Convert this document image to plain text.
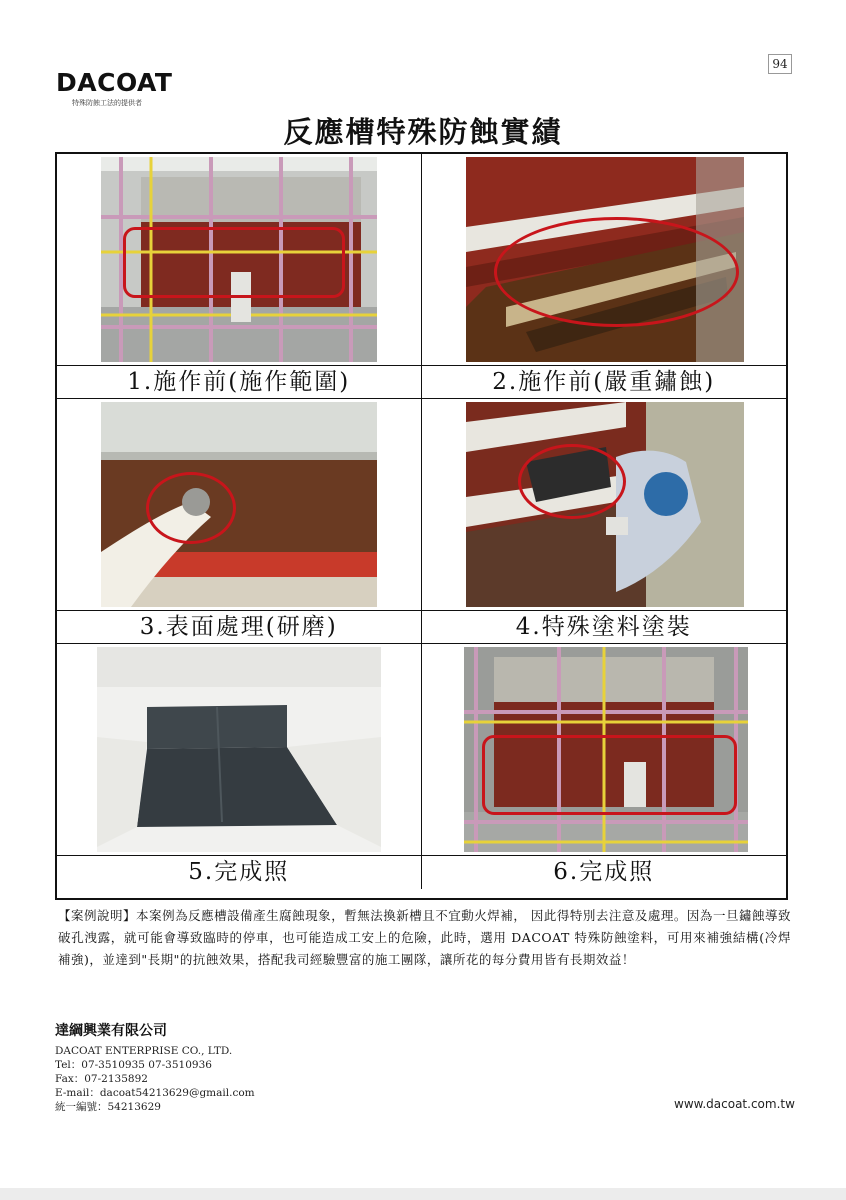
94
DACOAT
特殊防蝕工法的提供者
反應槽特殊防蝕實績
1.施作前(施作範圍)	2.施作前(嚴重鏽蝕)
3.表面處理(研磨)	4.特殊塗料塗裝
5.完成照	6.完成照
【案例說明】本案例為反應槽設備產生腐蝕現象，暫無法換新槽且不宜動火焊補， 因此得特別去注意及處理。因為一旦鏽蝕導致破孔洩露，就可能會導致臨時的停車，也可能造成工安上的危險，此時，選用 DACOAT 特殊防蝕塗料，可用來補強結構(冷焊補強)，並達到"長期"的抗蝕效果，搭配我司經驗豐富的施工團隊，讓所花的每分費用皆有長期效益！
達綱興業有限公司
DACOAT ENTERPRISE CO., LTD.
Tel：07-3510935 07-3510936
Fax：07-2135892
E-mail：dacoat54213629@gmail.com
統一編號：54213629	www.dacoat.com.tw
